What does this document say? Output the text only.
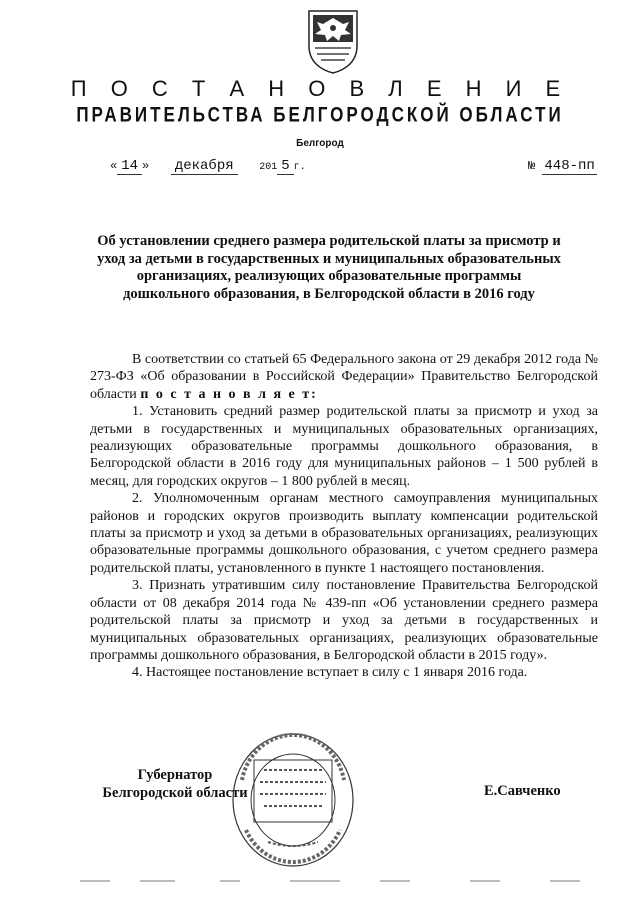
П О С Т А Н О В Л Е Н И Е
ПРАВИТЕЛЬСТВА БЕЛГОРОДСКОЙ ОБЛАСТИ
Белгород
« 14 » декабря	201 5 г.	№ 448-пп
Об установлении среднего размера родительской платы за присмотр и уход за детьми в государственных и муниципальных образовательных организациях, реализующих образовательные программы дошкольного образования, в Белгородской области в 2016 году

В соответствии со статьей 65 Федерального закона от 29 декабря 2012 года № 273-ФЗ «Об образовании в Российской Федерации» Правительство Белгородской области п о с т а н о в л я е т:

1. Установить средний размер родительской платы за присмотр и уход за детьми в государственных и муниципальных образовательных организациях, реализующих образовательные программы дошкольного образования, в Белгородской области в 2016 году для муниципальных районов – 1 500 рублей в месяц, для городских округов – 1 800 рублей в месяц.

2. Уполномоченным органам местного самоуправления муниципальных районов и городских округов производить выплату компенсации родительской платы за присмотр и уход за детьми в образовательных организациях, реализующих образовательные программы дошкольного образования, с учетом среднего размера родительской платы, установленного в пункте 1 настоящего постановления.

3. Признать утратившим силу постановление Правительства Белгородской области от 08 декабря 2014 года № 439-пп «Об установлении среднего размера родительской платы за присмотр и уход за детьми в государственных и муниципальных образовательных организациях, реализующих образовательные программы дошкольного образования, в Белгородской области в 2015 году».

4. Настоящее постановление вступает в силу с 1 января 2016 года.

Губернатор
Белгородской области	Е.Савченко
